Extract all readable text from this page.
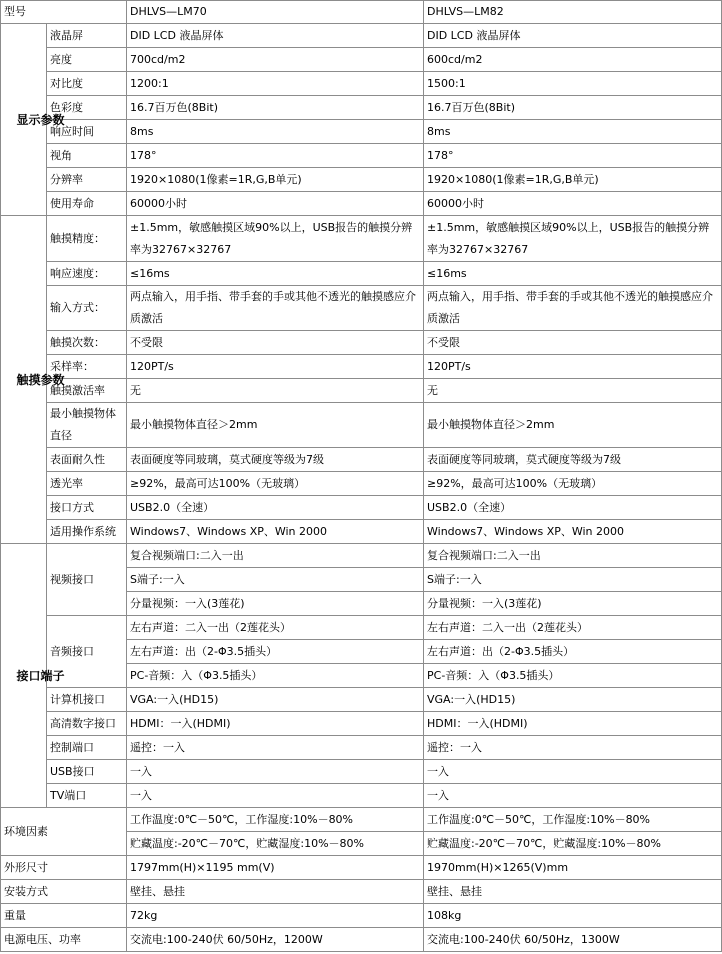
型号		DHLVS—LM70	DHLVS—LM82
显示参数	液晶屏	DID LCD 液晶屏体	DID LCD 液晶屏体
	亮度	700cd/m2	600cd/m2
	对比度	1200:1	1500:1
	色彩度	16.7百万色(8Bit)	16.7百万色(8Bit)
	响应时间	8ms	8ms
	视角	178°	178°
	分辨率	1920×1080(1像素=1R,G,B单元)	1920×1080(1像素=1R,G,B单元)
	使用寿命	60000小时	60000小时
触摸参数	触摸精度：	±1.5mm，敏感触摸区域90%以上，USB报告的触摸分辨率为32767×32767	±1.5mm，敏感触摸区域90%以上，USB报告的触摸分辨率为32767×32767
	响应速度：	≤16ms	≤16ms
	输入方式：	两点输入，用手指、带手套的手或其他不透光的触摸感应介质激活	两点输入，用手指、带手套的手或其他不透光的触摸感应介质激活
	触摸次数：	不受限	不受限
	采样率：	120PT/s	120PT/s
	触摸激活率	无	无
	最小触摸物体直径	最小触摸物体直径＞2mm	最小触摸物体直径＞2mm
	表面耐久性	表面硬度等同玻璃，莫式硬度等级为7级	表面硬度等同玻璃，莫式硬度等级为7级
	透光率	≥92%，最高可达100%（无玻璃）	≥92%，最高可达100%（无玻璃）
	接口方式	USB2.0（全速）	USB2.0（全速）
	适用操作系统	Windows7、Windows XP、Win 2000	Windows7、Windows XP、Win 2000
接口端子	视频接口	复合视频端口:二入一出	复合视频端口:二入一出
		S端子:一入	S端子:一入
		分量视频：一入(3莲花)	分量视频：一入(3莲花)
	音频接口	左右声道：二入一出（2莲花头）	左右声道：二入一出（2莲花头）
		左右声道：出（2-Φ3.5插头）	左右声道：出（2-Φ3.5插头）
		PC-音频：入（Φ3.5插头）	PC-音频：入（Φ3.5插头）
	计算机接口	VGA:一入(HD15)	VGA:一入(HD15)
	高清数字接口	HDMI：一入(HDMI)	HDMI：一入(HDMI)
	控制端口	遥控：一入	遥控：一入
	USB接口	一入	一入
	TV端口	一入	一入
环境因素		工作温度:0℃－50℃，工作湿度:10%－80%	工作温度:0℃－50℃，工作湿度:10%－80%
		贮藏温度:-20℃－70℃，贮藏湿度:10%－80%	贮藏温度:-20℃－70℃，贮藏湿度:10%－80%
外形尺寸		1797mm(H)×1195 mm(V)	1970mm(H)×1265(V)mm
安装方式		壁挂、悬挂	壁挂、悬挂
重量		72kg	108kg
电源电压、功率		交流电:100-240伏 60/50Hz，1200W	交流电:100-240伏 60/50Hz，1300W
